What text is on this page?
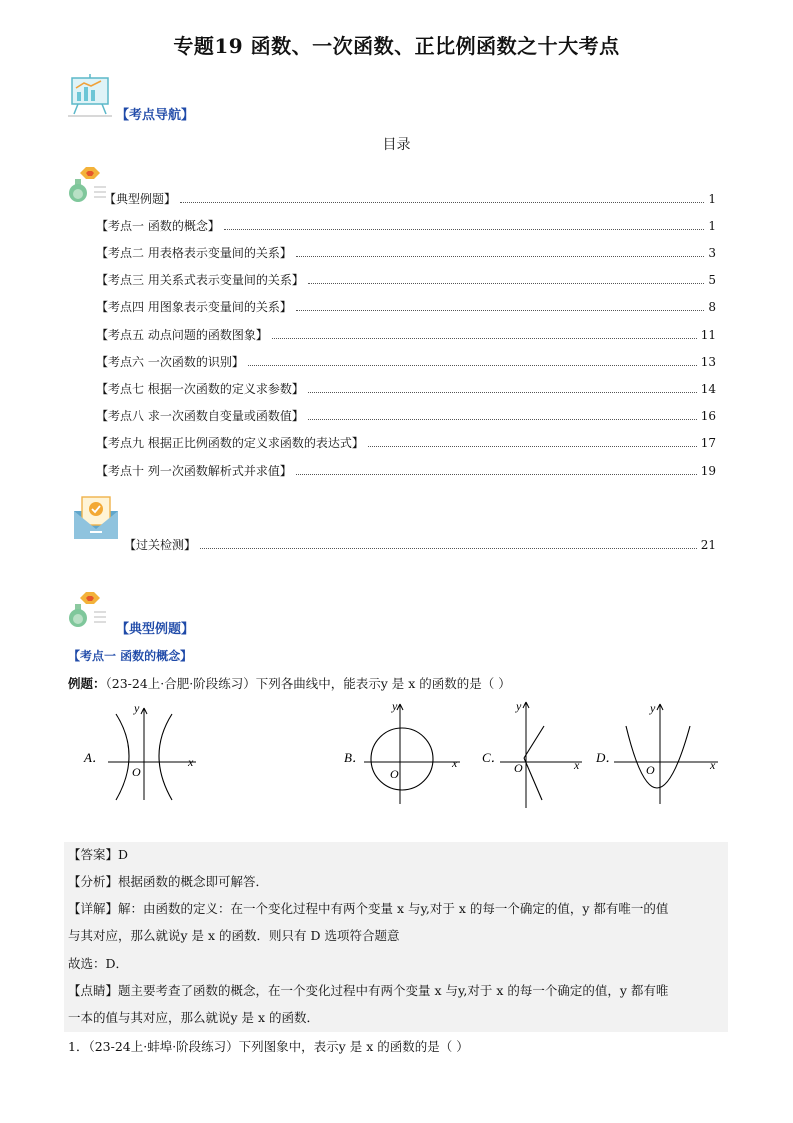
专题19 函数、一次函数、正比例函数之十大考点
【考点导航】
目录
【典型例题】	1
【考点一 函数的概念】	1
【考点二 用表格表示变量间的关系】	3
【考点三 用关系式表示变量间的关系】	5
【考点四 用图象表示变量间的关系】	8
【考点五 动点问题的函数图象】	11
【考点六 一次函数的识别】	13
【考点七 根据一次函数的定义求参数】	14
【考点八 求一次函数自变量或函数值】	16
【考点九 根据正比例函数的定义求函数的表达式】	17
【考点十 列一次函数解析式并求值】	19
【过关检测】	21
【典型例题】
【考点一 函数的概念】
例题：（23-24上·合肥·阶段练习）下列各曲线中，能表示y 是 x 的函数的是（ ）
A．
y
x
O
B．
y
x
O
C．
y
x
O
D．
y
x
O
【答案】D
【分析】根据函数的概念即可解答．
【详解】解：由函数的定义：在一个变化过程中有两个变量 x 与y,对于 x 的每一个确定的值，y 都有唯一的值
与其对应，那么就说y 是 x 的函数．则只有 D 选项符合题意
故选：D．
【点睛】题主要考查了函数的概念，在一个变化过程中有两个变量 x 与y,对于 x 的每一个确定的值，y 都有唯
一本的值与其对应，那么就说y 是 x 的函数．
1．（23-24上·蚌埠·阶段练习）下列图象中，表示y 是 x 的函数的是（ ）
